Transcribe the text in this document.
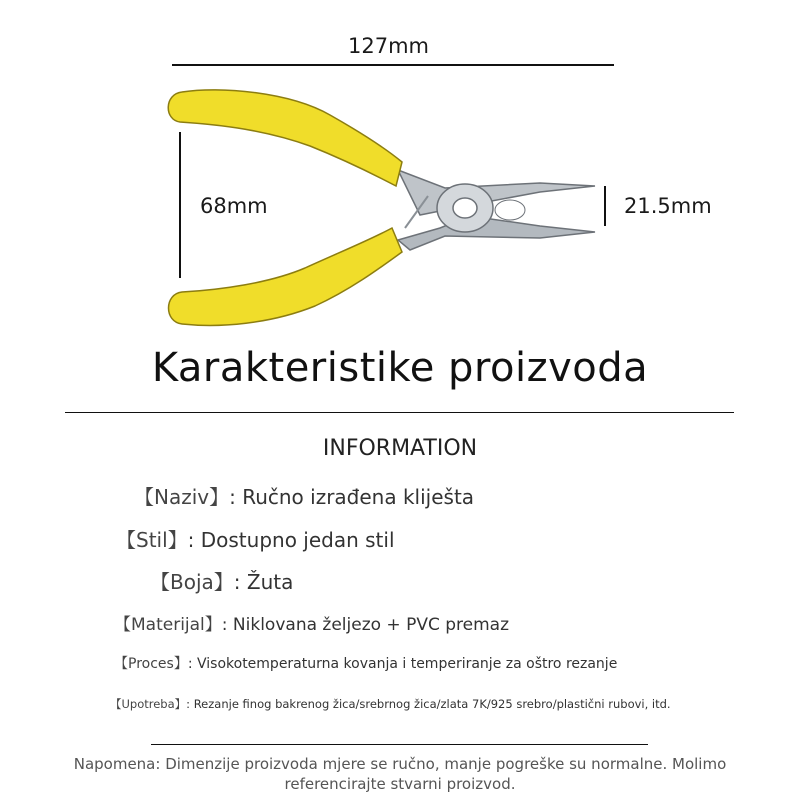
127mm
68mm	21.5mm
Karakteristike proizvoda
INFORMATION
【Naziv】: Ručno izrađena kliješta
【Stil】: Dostupno jedan stil
【Boja】: Žuta
【Materijal】: Niklovana željezo + PVC premaz
【Proces】: Visokotemperaturna kovanja i temperiranje za oštro rezanje
【Upotreba】: Rezanje finog bakrenog žica/srebrnog žica/zlata 7K/925 srebro/plastični rubovi, itd.
Napomena: Dimenzije proizvoda mjere se ručno, manje pogreške su normalne. Molimo referencirajte stvarni proizvod.
